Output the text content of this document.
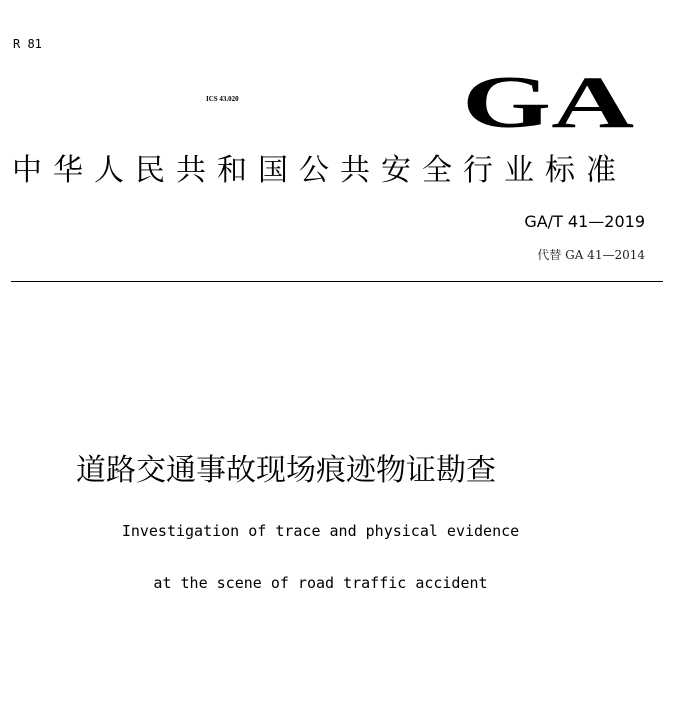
R 81
ICS 43.020	GA
中华人民共和国公共安全行业标准
GA/T 41—2019
代替 GA 41—2014
道路交通事故现场痕迹物证勘查
Investigation of trace and physical evidence
at the scene of road traffic accident
